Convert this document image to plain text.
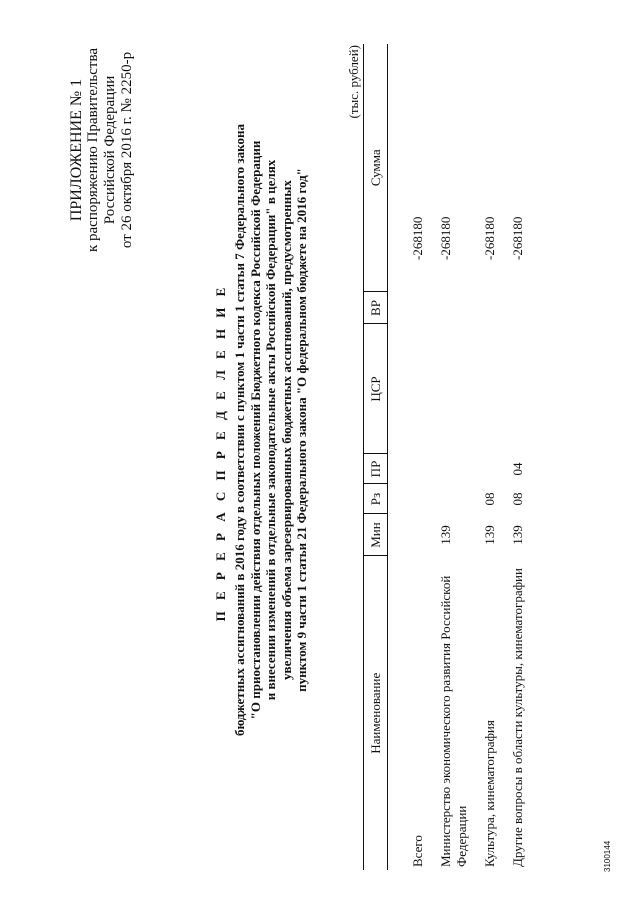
ПРИЛОЖЕНИЕ № 1 к распоряжению Правительства Российской Федерации от 26 октября 2016 г. № 2250-р
П Е Р Е Р А С П Р Е Д Е Л Е Н И Е бюджетных ассигнований в 2016 году в соответствии с пунктом 1 части 1 статьи 7 Федерального закона "О приостановлении действия отдельных положений Бюджетного кодекса Российской Федерации и внесении изменений в отдельные законодательные акты Российской Федерации" в целях увеличения объема зарезервированных бюджетных ассигнований, предусмотренных пунктом 9 части 1 статьи 21 Федерального закона "О федеральном бюджете на 2016 год"
(тыс. рублей)
Наименование	Мин	Рз	ПР	ЦСР	ВР	Сумма
Всего						-268180
Министерство экономического развития Российской Федерации	139					-268180
Культура, кинематография	139	08				-268180
Другие вопросы в области культуры, кинематографии	139	08	04			-268180
3100144
